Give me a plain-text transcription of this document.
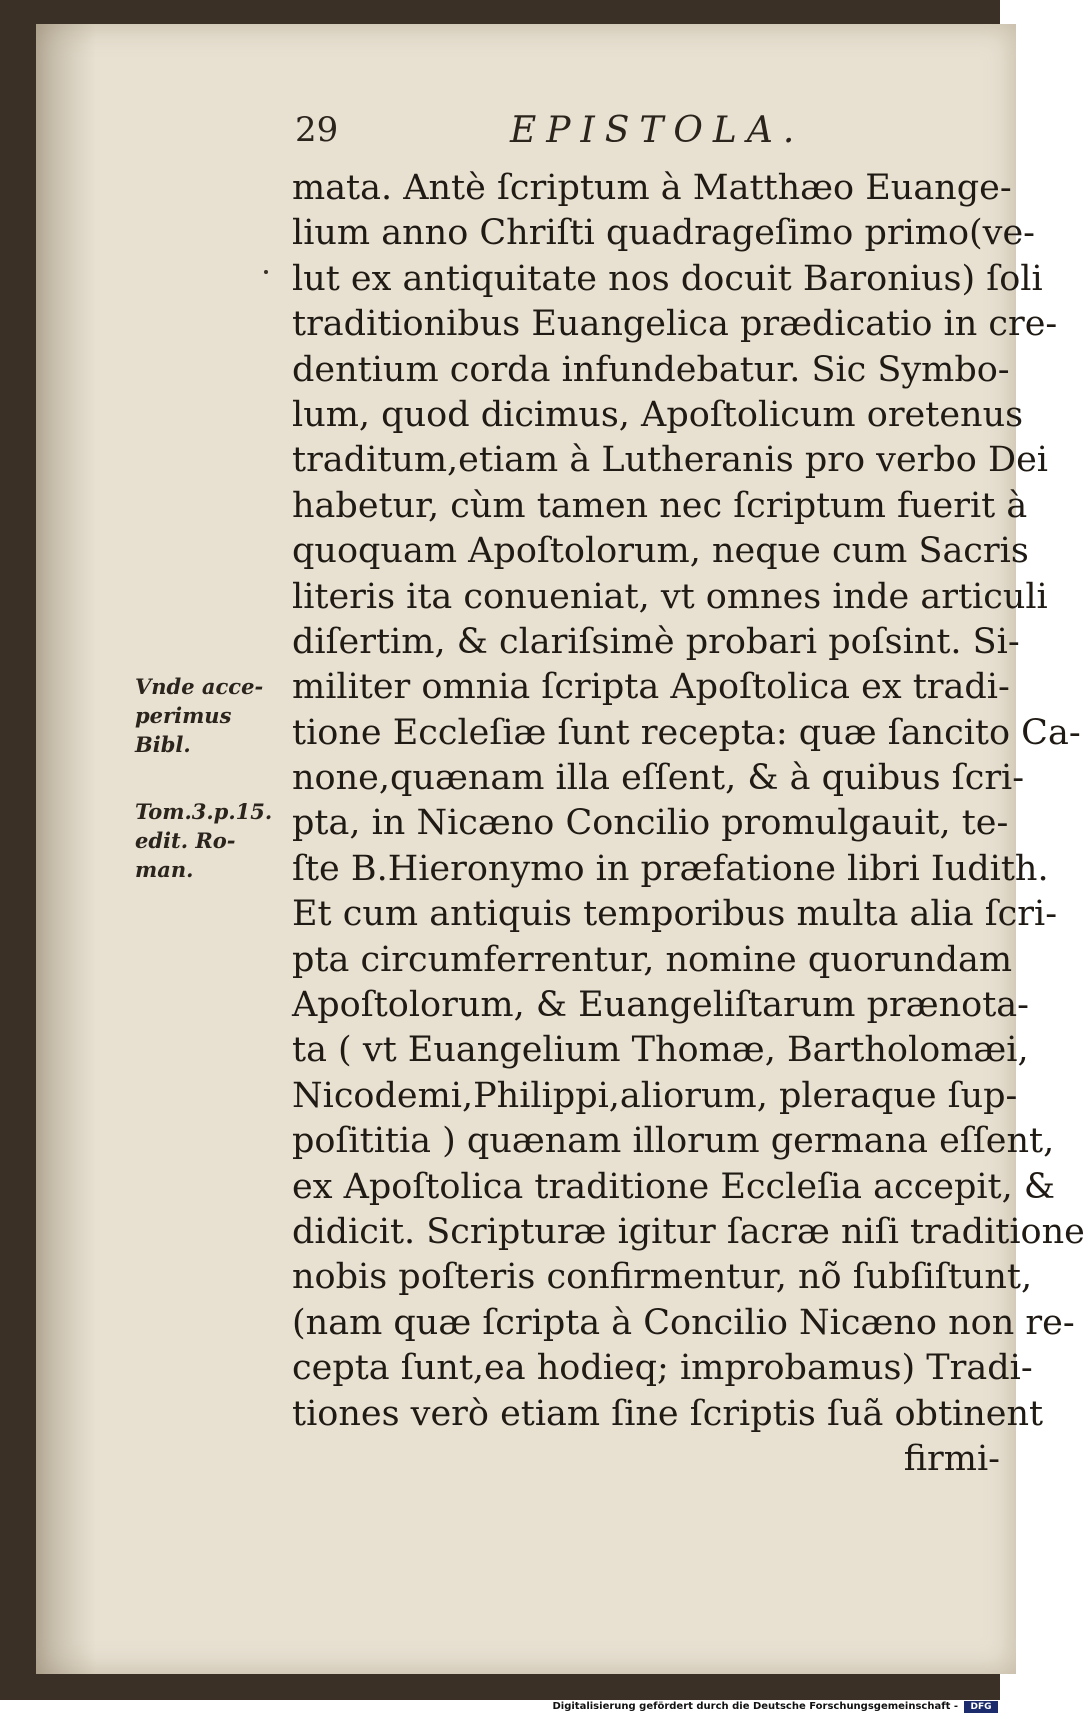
29	EPISTOLA.
mata. Antè ſcriptum à Matthæo Euange-
lium anno Chriſti quadrageſimo primo(ve-
lut ex antiquitate nos docuit Baronius) ſoli
traditionibus Euangelica prædicatio in cre-
dentium corda infundebatur. Sic Symbo-
lum, quod dicimus, Apoſtolicum oretenus
traditum,etiam à Lutheranis pro verbo Dei
habetur, cùm tamen nec ſcriptum fuerit à
quoquam Apoſtolorum, neque cum Sacris
literis ita conueniat, vt omnes inde articuli
diſertim, & clariſsimè probari poſsint. Si-
militer omnia ſcripta Apoſtolica ex tradi-
tione Eccleſiæ ſunt recepta: quæ ſancito Ca-
none,quænam illa eſſent, & à quibus ſcri-
pta, in Nicæno Concilio promulgauit, te-
ſte B.Hieronymo in præfatione libri Iudith.
Et cum antiquis temporibus multa alia ſcri-
pta circumferrentur, nomine quorundam
Apoſtolorum, & Euangeliſtarum prænota-
ta ( vt Euangelium Thomæ, Bartholomæi,
Nicodemi,Philippi,aliorum, pleraque ſup-
poſititia ) quænam illorum germana eſſent,
ex Apoſtolica traditione Eccleſia accepit, &
didicit. Scripturæ igitur ſacræ niſi traditione
nobis poſteris confirmentur, nõ ſubſiſtunt,
(nam quæ ſcripta à Concilio Nicæno non re-
cepta ſunt,ea hodieq; improbamus) Tradi-
tiones verò etiam ſine ſcriptis ſuã obtinent
firmi-
Vnde acce-
perimus
Bibl.
Tom.3.p.15.
edit. Ro-
man.
Digitalisierung gefördert durch die Deutsche Forschungsgemeinschaft -	DFG
